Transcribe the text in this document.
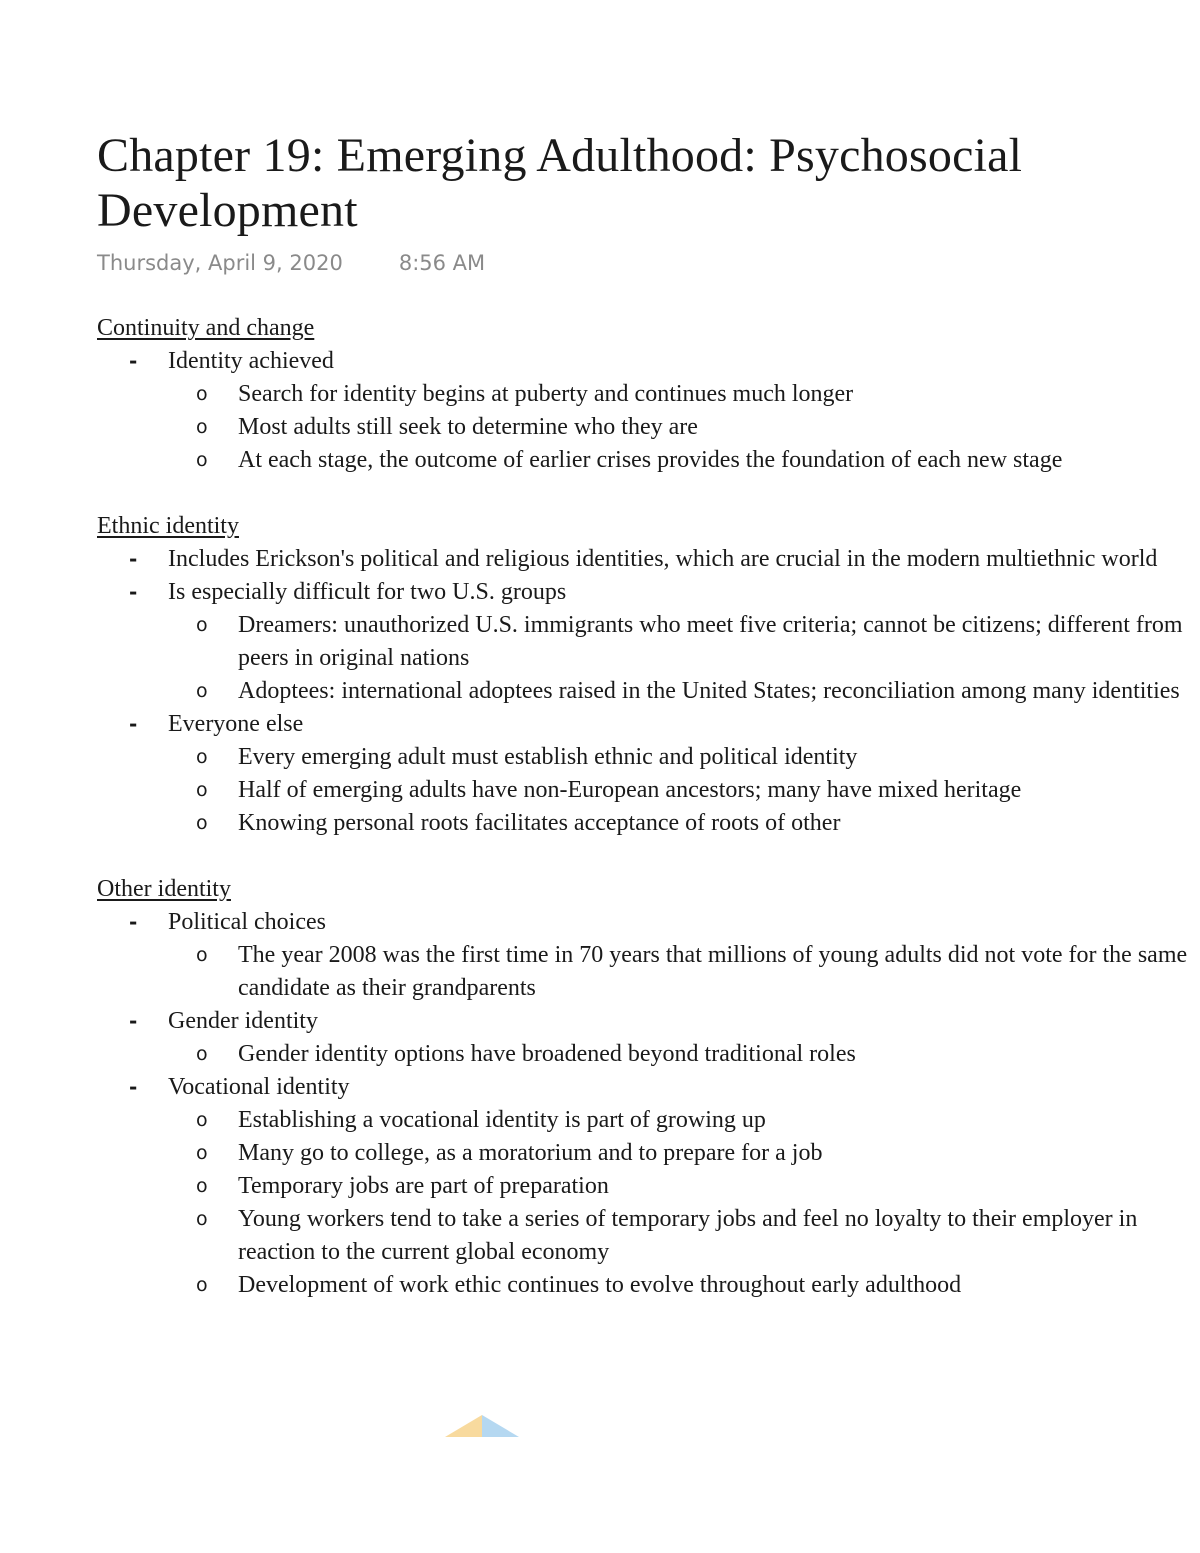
Chapter 19: Emerging Adulthood: Psychosocial Development
Thursday, April 9, 2020	8:56 AM
Continuity and change
- Identity achieved
o Search for identity begins at puberty and continues much longer
o Most adults still seek to determine who they are
o At each stage, the outcome of earlier crises provides the foundation of each new stage
Ethnic identity
- Includes Erickson's political and religious identities, which are crucial in the modern multiethnic world
- Is especially difficult for two U.S. groups
o Dreamers: unauthorized U.S. immigrants who meet five criteria; cannot be citizens; different from peers in original nations
o Adoptees: international adoptees raised in the United States; reconciliation among many identities
- Everyone else
o Every emerging adult must establish ethnic and political identity
o Half of emerging adults have non-European ancestors; many have mixed heritage
o Knowing personal roots facilitates acceptance of roots of other
Other identity
- Political choices
o The year 2008 was the first time in 70 years that millions of young adults did not vote for the same candidate as their grandparents
- Gender identity
o Gender identity options have broadened beyond traditional roles
- Vocational identity
o Establishing a vocational identity is part of growing up
o Many go to college, as a moratorium and to prepare for a job
o Temporary jobs are part of preparation
o Young workers tend to take a series of temporary jobs and feel no loyalty to their employer in reaction to the current global economy
o Development of work ethic continues to evolve throughout early adulthood
